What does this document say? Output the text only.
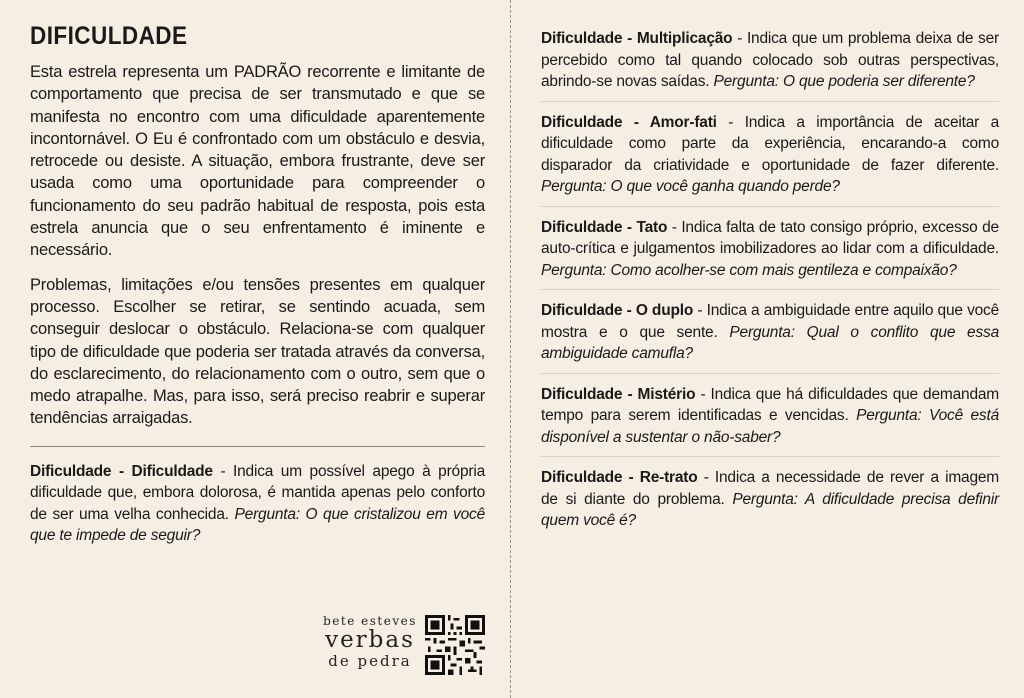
DIFICULDADE

Esta estrela representa um PADRÃO recorrente e limitante de comportamento que precisa de ser transmutado e que se manifesta no encontro com uma dificuldade aparentemente incontornável. O Eu é confrontado com um obstáculo e desvia, retrocede ou desiste. A situação, embora frustrante, deve ser usada como uma oportunidade para compreender o funcionamento do seu padrão habitual de resposta, pois esta estrela anuncia que o seu enfrentamento é iminente e necessário.

Problemas, limitações e/ou tensões presentes em qualquer processo. Escolher se retirar, se sentindo acuada, sem conseguir deslocar o obstáculo. Relaciona-se com qualquer tipo de dificuldade que poderia ser tratada através da conversa, do esclarecimento, do relacionamento com o outro, sem que o medo atrapalhe. Mas, para isso, será preciso reabrir e superar tendências arraigadas.

Dificuldade - Dificuldade - Indica um possível apego à própria dificuldade que, embora dolorosa, é mantida apenas pelo conforto de ser uma velha conhecida. Pergunta: O que cristalizou em você que te impede de seguir?
Dificuldade - Multiplicação - Indica que um problema deixa de ser percebido como tal quando colocado sob outras perspectivas, abrindo-se novas saídas. Pergunta: O que poderia ser diferente?
Dificuldade - Amor-fati - Indica a importância de aceitar a dificuldade como parte da experiência, encarando-a como disparador da criatividade e oportunidade de fazer diferente. Pergunta: O que você ganha quando perde?
Dificuldade - Tato - Indica falta de tato consigo próprio, excesso de auto-crítica e julgamentos imobilizadores ao lidar com a dificuldade. Pergunta: Como acolher-se com mais gentileza e compaixão?
Dificuldade - O duplo - Indica a ambiguidade entre aquilo que você mostra e o que sente. Pergunta: Qual o conflito que essa ambiguidade camufla?
Dificuldade - Mistério - Indica que há dificuldades que demandam tempo para serem identificadas e vencidas. Pergunta: Você está disponível a sustentar o não-saber?
Dificuldade - Re-trato - Indica a necessidade de rever a imagem de si diante do problema. Pergunta: A dificuldade precisa definir quem você é?
bete esteves
verbas
de pedra
